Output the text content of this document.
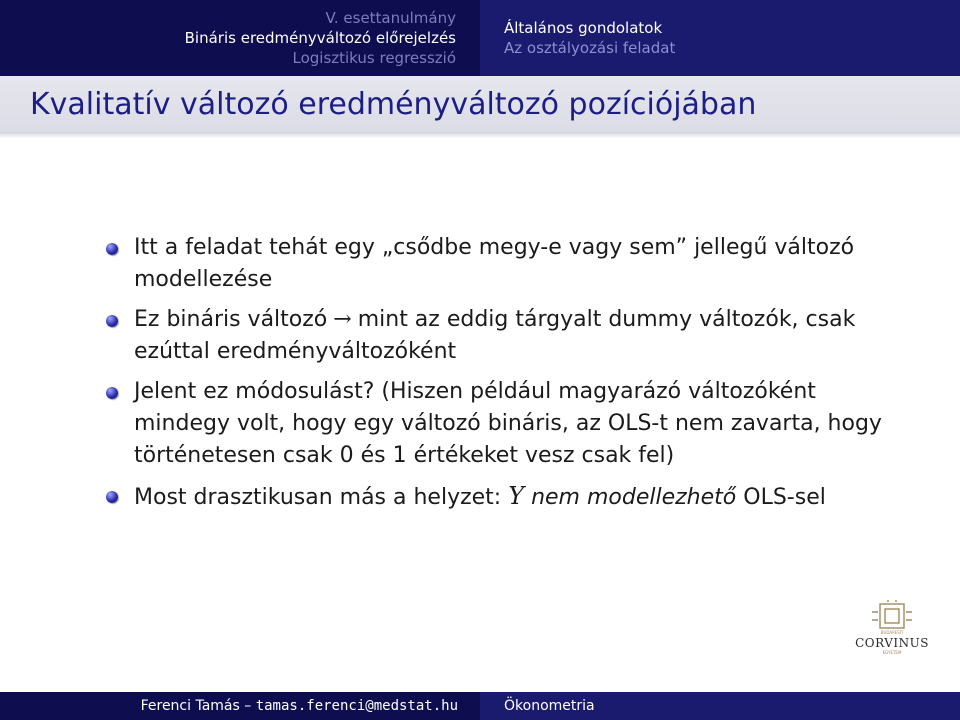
V. esettanulmány
Bináris eredményváltozó előrejelzés
Logisztikus regresszió
Általános gondolatok
Az osztályozási feladat
Kvalitatív változó eredményváltozó pozíciójában
Itt a feladat tehát egy „csődbe megy-e vagy sem” jellegű változó modellezése
Ez bináris változó → mint az eddig tárgyalt dummy változók, csak ezúttal eredményváltozóként
Jelent ez módosulást? (Hiszen például magyarázó változóként mindegy volt, hogy egy változó bináris, az OLS-t nem zavarta, hogy történetesen csak 0 és 1 értékeket vesz csak fel)
Most drasztikusan más a helyzet: Y nem modellezhető OLS-sel
BUDAPESTI
CORVINUS
EGYETEM
Ferenci Tamás
–
tamas.ferenci@medstat.hu	Ökonometria
